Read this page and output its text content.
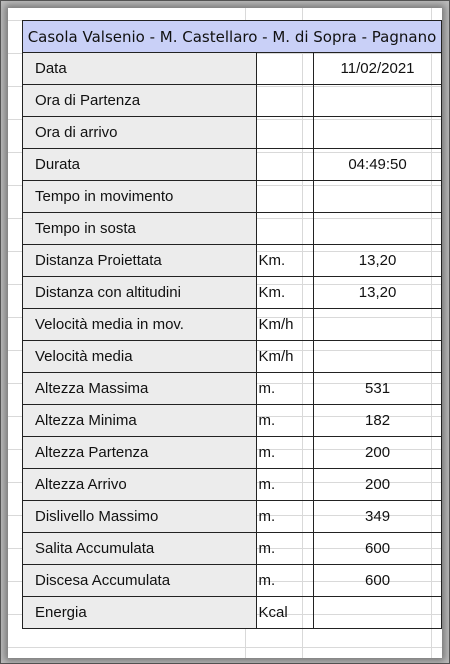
Casola Valsenio - M. Castellaro - M. di Sopra - Pagnano		
Data		11/02/2021
Ora di Partenza		
Ora di arrivo		
Durata		04:49:50
Tempo in movimento		
Tempo in sosta		
Distanza Proiettata	Km.	13,20
Distanza con altitudini	Km.	13,20
Velocità media in mov.	Km/h	
Velocità media	Km/h	
Altezza Massima	m.	531
Altezza Minima	m.	182
Altezza Partenza	m.	200
Altezza Arrivo	m.	200
Dislivello Massimo	m.	349
Salita Accumulata	m.	600
Discesa Accumulata	m.	600
Energia	Kcal	
